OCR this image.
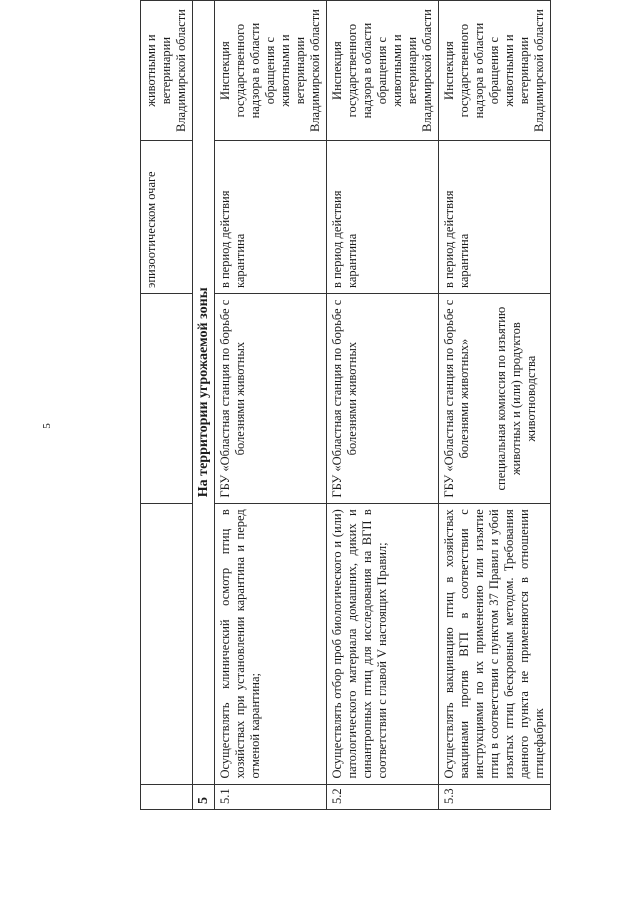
5
			эпизоотическом очаге	животными и ветеринарии Владимирской области
5	На территории угрожаемой зоны			
5.1	Осуществлять клинический осмотр птиц в хозяйствах при установлении карантина и перед отменой карантина;	ГБУ «Областная станция по борьбе с болезнями животных	в период действия карантина	Инспекция государственного надзора в области обращения с животными и ветеринарии Владимирской области
5.2	Осуществлять отбор проб биологического и (или) патологического материала домашних, диких и синантропных птиц для исследования на ВГП в соответствии с главой V настоящих Правил;	ГБУ «Областная станция по борьбе с болезнями животных	в период действия карантина	Инспекция государственного надзора в области обращения с животными и ветеринарии Владимирской области
5.3	Осуществлять вакцинацию птиц в хозяйствах вакцинами против ВГП в соответствии с инструкциями по их применению или изъятие птиц в соответствии с пунктом 37 Правил и убой изъятых птиц бескровным методом. Требования данного пункта не применяются в отношении птицефабрик	ГБУ «Областная станция по борьбе с болезнями животных» специальная комиссия по изъятию животных и (или) продуктов животноводства	в период действия карантина	Инспекция государственного надзора в области обращения с животными и ветеринарии Владимирской области
